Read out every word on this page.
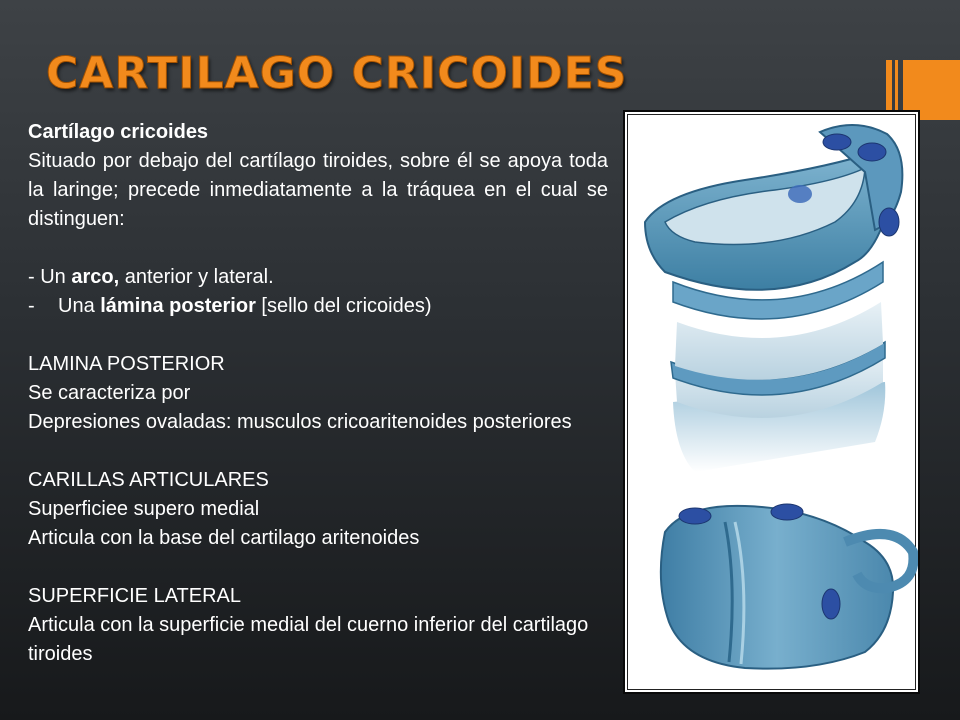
CARTILAGO CRICOIDES

Cartílago cricoides

Situado por debajo del cartílago tiroides, sobre él se apoya toda la laringe; precede inmediatamente a la tráquea en el cual se distinguen:

- Un arco, anterior y lateral.

- Una lámina posterior [sello del cricoides)

LAMINA POSTERIOR

Se caracteriza por

Depresiones ovaladas: musculos cricoaritenoides posteriores

CARILLAS ARTICULARES

Superficiee supero medial

Articula con la base del cartilago aritenoides

SUPERFICIE LATERAL

Articula con la superficie medial del cuerno inferior del cartilago tiroides
